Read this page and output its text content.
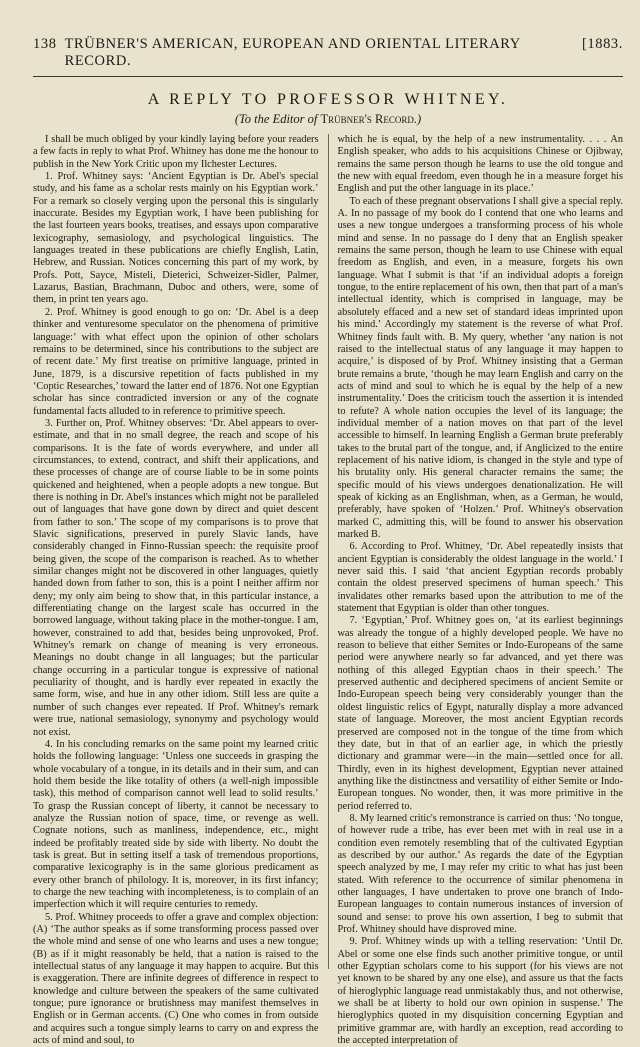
138 TRÜBNER'S AMERICAN, EUROPEAN AND ORIENTAL LITERARY RECORD.
[1883.
A REPLY TO PROFESSOR WHITNEY.
(To the Editor of Trübner's Record.)

I shall be much obliged by your kindly laying before your readers a few facts in reply to what Prof. Whitney has done me the honour to publish in the New York Critic upon my Ilchester Lectures.

1. Prof. Whitney says: ‘Ancient Egyptian is Dr. Abel's special study, and his fame as a scholar rests mainly on his Egyptian work.’ For a remark so closely verging upon the personal this is singularly inaccurate. Besides my Egyptian work, I have been publishing for the last fourteen years books, treatises, and essays upon comparative lexicography, semasiology, and psychological linguistics. The languages treated in these publications are chiefly English, Latin, Hebrew, and Russian. Notices concerning this part of my work, by Profs. Pott, Sayce, Misteli, Dieterici, Schweizer-Sidler, Palmer, Lazarus, Bastian, Brachmann, Duboc and others, were, some of them, in print ten years ago.

2. Prof. Whitney is good enough to go on: ‘Dr. Abel is a deep thinker and venturesome speculator on the phenomena of primitive language:’ with what effect upon the opinion of other scholars remains to be determined, since his contributions to the subject are of recent date.’ My first treatise on primitive language, printed in June, 1879, is a discursive repetition of facts published in my ‘Coptic Researches,’ toward the latter end of 1876. Not one Egyptian scholar has since contradicted inversion or any of the cognate fundamental facts alluded to in reference to primitive speech.

3. Further on, Prof. Whitney observes: ‘Dr. Abel appears to over-estimate, and that in no small degree, the reach and scope of his comparisons. It is the fate of words everywhere, and under all circumstances, to extend, contract, and shift their applications, and these processes of change are of course liable to be in some points quickened and heightened, when a people adopts a new tongue. But there is nothing in Dr. Abel's instances which might not be paralleled out of languages that have gone down by direct and quiet descent from father to son.’ The scope of my comparisons is to prove that Slavic significations, preserved in purely Slavic lands, have considerably changed in Finno-Russian speech: the requisite proof being given, the scope of the comparison is reached. As to whether similar changes might not be discovered in other languages, quietly handed down from father to son, this is a point I neither affirm nor deny; my only aim being to show that, in this particular instance, a differentiating change on the largest scale has occurred in the borrowed language, without taking place in the mother-tongue. I am, however, constrained to add that, besides being unprovoked, Prof. Whitney's remark on change of meaning is very erroneous. Meanings no doubt change in all languages; but the particular change occurring in a particular tongue is expressive of national peculiarity of thought, and is hardly ever repeated in exactly the same form, wise, and hue in any other idiom. Still less are quite a number of such changes ever repeated. If Prof. Whitney's remark were true, national semasiology, synonymy and psychology would not exist.

4. In his concluding remarks on the same point my learned critic holds the following language: ‘Unless one succeeds in grasping the whole vocabulary of a tongue, in its details and in their sum, and can hold them beside the like totality of others (a well-nigh impossible task), this method of comparison cannot well lead to solid results.’ To grasp the Russian concept of liberty, it cannot be necessary to analyze the Russian notion of space, time, or revenge as well. Cognate notions, such as manliness, independence, etc., might indeed be profitably treated side by side with liberty. No doubt the task is great. But in setting itself a task of tremendous proportions, comparative lexicography is in the same glorious predicament as every other branch of philology. It is, moreover, in its first infancy; to charge the new teaching with incompleteness, is to complain of an imperfection which it will require centuries to remedy.

5. Prof. Whitney proceeds to offer a grave and complex objection: (A) ‘The author speaks as if some transforming process passed over the whole mind and sense of one who learns and uses a new tongue; (B) as if it might reasonably be held, that a nation is raised to the intellectual status of any language it may happen to acquire. But this is exaggeration. There are infinite degrees of difference in respect to knowledge and culture between the speakers of the same cultivated tongue; pure ignorance or brutishness may manifest themselves in English or in German accents. (C) One who comes in from outside and acquires such a tongue simply learns to carry on and express the acts of mind and soul, to

which he is equal, by the help of a new instrumentality. . . . An English speaker, who adds to his acquisitions Chinese or Ojibway, remains the same person though he learns to use the old tongue and the new with equal freedom, even though he in a measure forget his English and put the other language in its place.’

To each of these pregnant observations I shall give a special reply. A. In no passage of my book do I contend that one who learns and uses a new tongue undergoes a transforming process of his whole mind and sense. In no passage do I deny that an English speaker remains the same person, though he learn to use Chinese with equal freedom as English, and even, in a measure, forgets his own language. What I submit is that ‘if an individual adopts a foreign tongue, to the entire replacement of his own, then that part of a man's intellectual identity, which is comprised in language, may be absolutely effaced and a new set of standard ideas imprinted upon his mind.’ Accordingly my statement is the reverse of what Prof. Whitney finds fault with. B. My query, whether ‘any nation is not raised to the intellectual status of any language it may happen to acquire,’ is disposed of by Prof. Whitney insisting that a German brute remains a brute, ‘though he may learn English and carry on the acts of mind and soul to which he is equal by the help of a new instrumentality.’ Does the criticism touch the assertion it is intended to refute? A whole nation occupies the level of its language; the individual member of a nation moves on that part of the level accessible to himself. In learning English a German brute preferably takes to the brutal part of the tongue, and, if Anglicized to the entire replacement of his native idiom, is changed in the style and type of his brutality only. His general character remains the same; the specific mould of his views undergoes denationalization. He will speak of kicking as an Englishman, when, as a German, he would, preferably, have spoken of ‘Holzen.’ Prof. Whitney's observation marked C, admitting this, will be found to answer his observation marked B.

6. According to Prof. Whitney, ‘Dr. Abel repeatedly insists that ancient Egyptian is considerably the oldest language in the world.’ I never said this. I said ‘that ancient Egyptian records probably contain the oldest preserved specimens of human speech.’ This invalidates other remarks based upon the attribution to me of the statement that Egyptian is older than other tongues.

7. ‘Egyptian,’ Prof. Whitney goes on, ‘at its earliest beginnings was already the tongue of a highly developed people. We have no reason to believe that either Semites or Indo-Europeans of the same period were anywhere nearly so far advanced, and yet there was nothing of this alleged Egyptian chaos in their speech.’ The preserved authentic and deciphered specimens of ancient Semite or Indo-European speech being very considerably younger than the oldest linguistic relics of Egypt, naturally display a more advanced state of language. Moreover, the most ancient Egyptian records preserved are composed not in the tongue of the time from which they date, but in that of an earlier age, in which the priestly dictionary and grammar were—in the main—settled once for all. Thirdly, even in its highest development, Egyptian never attained anything like the distinctness and versatility of either Semite or Indo-European tongues. No wonder, then, it was more primitive in the period referred to.

8. My learned critic's remonstrance is carried on thus: ‘No tongue, of however rude a tribe, has ever been met with in real use in a condition even remotely resembling that of the cultivated Egyptian as described by our author.’ As regards the date of the Egyptian speech analyzed by me, I may refer my critic to what has just been stated. With reference to the occurrence of similar phenomena in other languages, I have undertaken to prove one branch of Indo-European languages to contain numerous instances of inversion of sound and sense: to prove his own assertion, I beg to submit that Prof. Whitney should have disproved mine.

9. Prof. Whitney winds up with a telling reservation: ‘Until Dr. Abel or some one else finds such another primitive tongue, or until other Egyptian scholars come to his support (for his views are not yet known to be shared by any one else), and assure us that the facts of hieroglyphic language read unmistakably thus, and not otherwise, we shall be at liberty to hold our own opinion in suspense.’ The hieroglyphics quoted in my disquisition concerning Egyptian and primitive grammar are, with hardly an exception, read according to the accepted interpretation of
